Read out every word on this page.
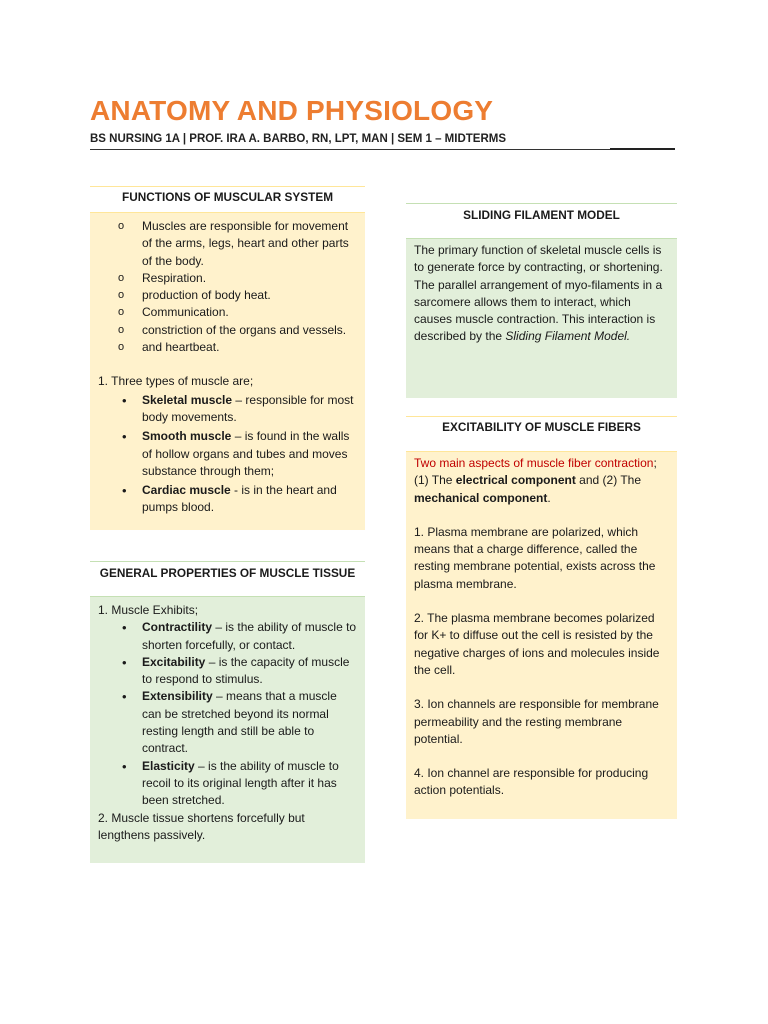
ANATOMY AND PHYSIOLOGY
BS NURSING 1A | PROF. IRA A. BARBO, RN, LPT, MAN | SEM 1 – MIDTERMS
FUNCTIONS OF MUSCULAR SYSTEM
o Muscles are responsible for movement of the arms, legs, heart and other parts of the body.
o Respiration.
o production of body heat.
o Communication.
o constriction of the organs and vessels.
o and heartbeat.

1. Three types of muscle are;

• Skeletal muscle – responsible for most body movements.
• Smooth muscle – is found in the walls of hollow organs and tubes and moves substance through them;
• Cardiac muscle - is in the heart and pumps blood.
GENERAL PROPERTIES OF MUSCLE TISSUE

1. Muscle Exhibits;

• Contractility – is the ability of muscle to shorten forcefully, or contact.
• Excitability – is the capacity of muscle to respond to stimulus.
• Extensibility – means that a muscle can be stretched beyond its normal resting length and still be able to contract.
• Elasticity – is the ability of muscle to recoil to its original length after it has been stretched.

2. Muscle tissue shortens forcefully but lengthens passively.

SLIDING FILAMENT MODEL

The primary function of skeletal muscle cells is to generate force by contracting, or shortening. The parallel arrangement of myo-filaments in a sarcomere allows them to interact, which causes muscle contraction. This interaction is described by the Sliding Filament Model.

EXCITABILITY OF MUSCLE FIBERS

Two main aspects of muscle fiber contraction; (1) The electrical component and (2) The mechanical component.

1. Plasma membrane are polarized, which means that a charge difference, called the resting membrane potential, exists across the plasma membrane.

2. The plasma membrane becomes polarized for K+ to diffuse out the cell is resisted by the negative charges of ions and molecules inside the cell.

3. Ion channels are responsible for membrane permeability and the resting membrane potential.

4. Ion channel are responsible for producing action potentials.
